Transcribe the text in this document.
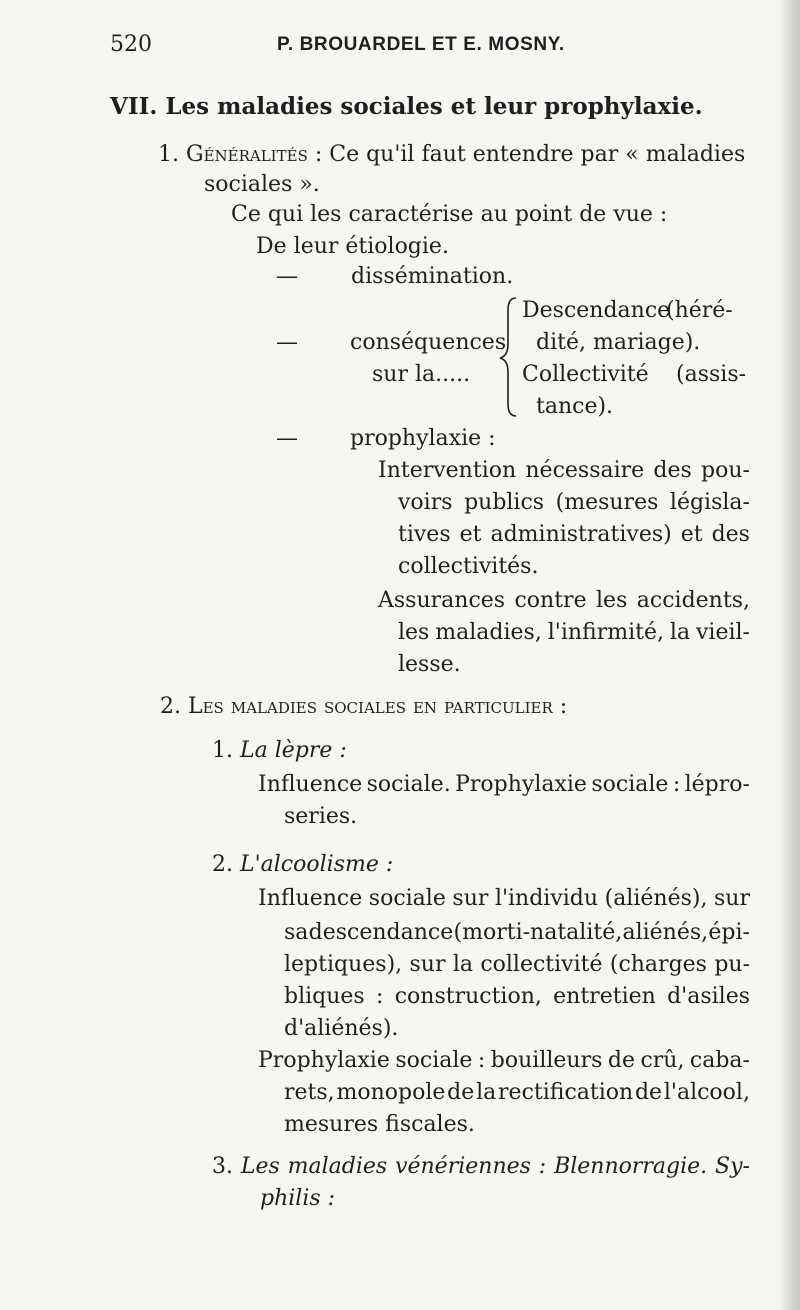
520	P. BROUARDEL ET E. MOSNY.
VII. Les maladies sociales et leur prophylaxie.
1. Généralités : Ce qu'il faut entendre par « maladies
sociales ».
Ce qui les caractérise au point de vue :
De leur étiologie.
— dissémination.
— conséquences
sur la.....
Descendance
(héré-
dité, mariage).
Collectivité (assis-
tance).
— prophylaxie :
Intervention nécessaire des pou-
voirs publics (mesures législa-
tives et administratives) et des
collectivités.
Assurances contre les accidents,
les maladies, l'infirmité, la vieil-
lesse.
2. Les maladies sociales en particulier :
1. La lèpre :
Influence sociale. Prophylaxie sociale : lépro-
series.
2. L'alcoolisme :
Influence sociale sur l'individu (aliénés), sur
sa descendance (morti-natalité, aliénés, épi-
leptiques), sur la collectivité (charges pu-
bliques : construction, entretien d'asiles
d'aliénés).
Prophylaxie sociale : bouilleurs de crû, caba-
rets, monopole de la rectification de l'alcool,
mesures fiscales.
3. Les maladies vénériennes : Blennorragie. Sy-
philis :
